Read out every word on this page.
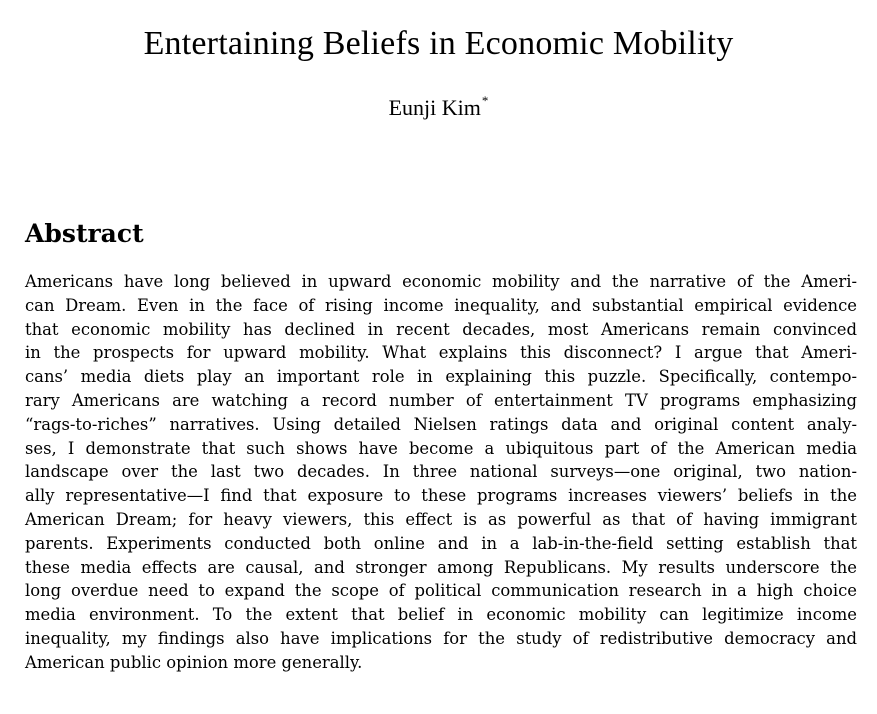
Entertaining Beliefs in Economic Mobility
Eunji Kim*
Abstract
Americans have long believed in upward economic mobility and the narrative of the Ameri-
can Dream. Even in the face of rising income inequality, and substantial empirical evidence
that economic mobility has declined in recent decades, most Americans remain convinced
in the prospects for upward mobility. What explains this disconnect? I argue that Ameri-
cans’ media diets play an important role in explaining this puzzle. Specifically, contempo-
rary Americans are watching a record number of entertainment TV programs emphasizing
“rags-to-riches” narratives. Using detailed Nielsen ratings data and original content analy-
ses, I demonstrate that such shows have become a ubiquitous part of the American media
landscape over the last two decades. In three national surveys—one original, two nation-
ally representative—I find that exposure to these programs increases viewers’ beliefs in the
American Dream; for heavy viewers, this effect is as powerful as that of having immigrant
parents. Experiments conducted both online and in a lab-in-the-field setting establish that
these media effects are causal, and stronger among Republicans. My results underscore the
long overdue need to expand the scope of political communication research in a high choice
media environment. To the extent that belief in economic mobility can legitimize income
inequality, my findings also have implications for the study of redistributive democracy and
American public opinion more generally.
